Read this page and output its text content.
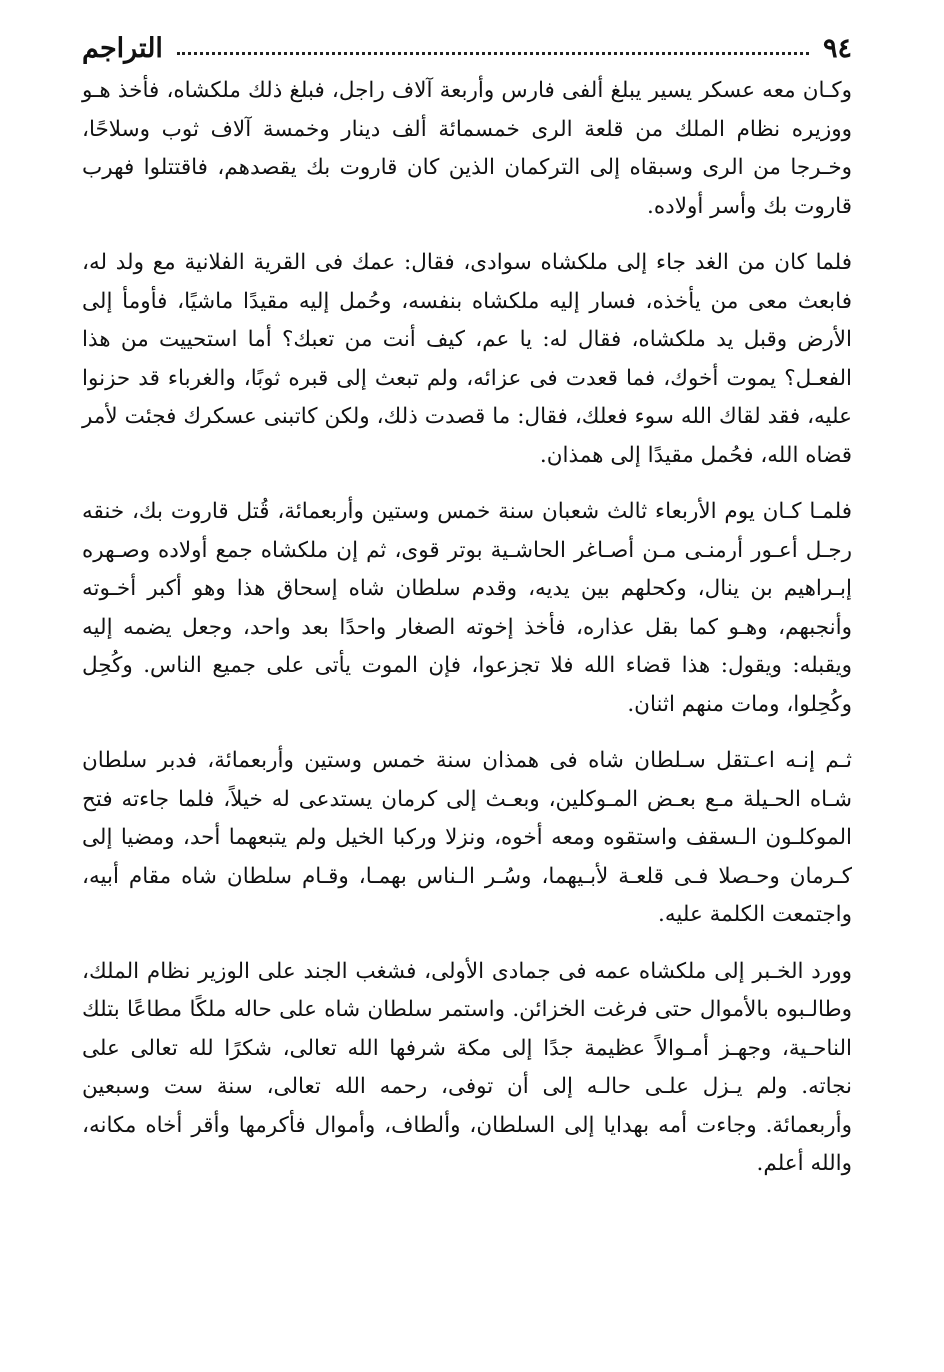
٩٤
التراجم

وكـان معه عسكر يسير يبلغ ألفى فارس وأربعة آلاف راجل، فبلغ ذلك ملكشاه، فأخذ هـو ووزيره نظام الملك من قلعة الرى خمسمائة ألف دينار وخمسة آلاف ثوب وسلاحًا، وخـرجا من الرى وسبقاه إلى التركمان الذين كان قاروت بك يقصدهم، فاقتتلوا فهرب قاروت بك وأسر أولاده.

فلما كان من الغد جاء إلى ملكشاه سوادى، فقال: عمك فى القرية الفلانية مع ولد له، فابعث معى من يأخذه، فسار إليه ملكشاه بنفسه، وحُمل إليه مقيدًا ماشيًا، فأومأ إلى الأرض وقبل يد ملكشاه، فقال له: يا عم، كيف أنت من تعبك؟ أما استحييت من هذا الفعـل؟ يموت أخوك، فما قعدت فى عزائه، ولم تبعث إلى قبره ثوبًا، والغرباء قد حزنوا عليه، فقد لقاك الله سوء فعلك، فقال: ما قصدت ذلك، ولكن كاتبنى عسكرك فجئت لأمر قضاه الله، فحُمل مقيدًا إلى همذان.

فلمـا كـان يوم الأربعاء ثالث شعبان سنة خمس وستين وأربعمائة، قُتل قاروت بك، خنقه رجـل أعـور أرمنـى مـن أصـاغر الحاشـية بوتر قوى، ثم إن ملكشاه جمع أولاده وصـهره إبـراهيم بن ينال، وكحلهم بين يديه، وقدم سلطان شاه إسحاق هذا وهو أكبر أخـوته وأنجبهم، وهـو كما بقل عذاره، فأخذ إخوته الصغار واحدًا بعد واحد، وجعل يضمه إليه ويقبله: ويقول: هذا قضاء الله فلا تجزعوا، فإن الموت يأتى على جميع الناس. وكُحِل وكُحِلوا، ومات منهم اثنان.

ثـم إنـه اعـتقل سـلطان شاه فى همذان سنة خمس وستين وأربعمائة، فدبر سلطان شـاه الحـيلة مـع بعـض المـوكلين، وبعـث إلى كرمان يستدعى له خيلاً، فلما جاءته فتح الموكلـون الـسقف واستقوه ومعه أخوه، ونزلا وركبا الخيل ولم يتبعهما أحد، ومضيا إلى كـرمان وحـصلا فـى قلعـة لأبـيهما، وسُـر الـناس بهمـا، وقـام سلطان شاه مقام أبيه، واجتمعت الكلمة عليه.

وورد الخـبر إلى ملكشاه عمه فى جمادى الأولى، فشغب الجند على الوزير نظام الملك، وطالـبوه بالأموال حتى فرغت الخزائن. واستمر سلطان شاه على حاله ملكًا مطاعًا بتلك الناحـية، وجهـز أمـوالاً عظيمة جدًا إلى مكة شرفها الله تعالى، شكرًا لله تعالى على نجاته. ولم يـزل علـى حالـه إلى أن توفى، رحمه الله تعالى، سنة ست وسبعين وأربعمائة. وجاءت أمه بهدايا إلى السلطان، وألطاف، وأموال فأكرمها وأقر أخاه مكانه، والله أعلم.
